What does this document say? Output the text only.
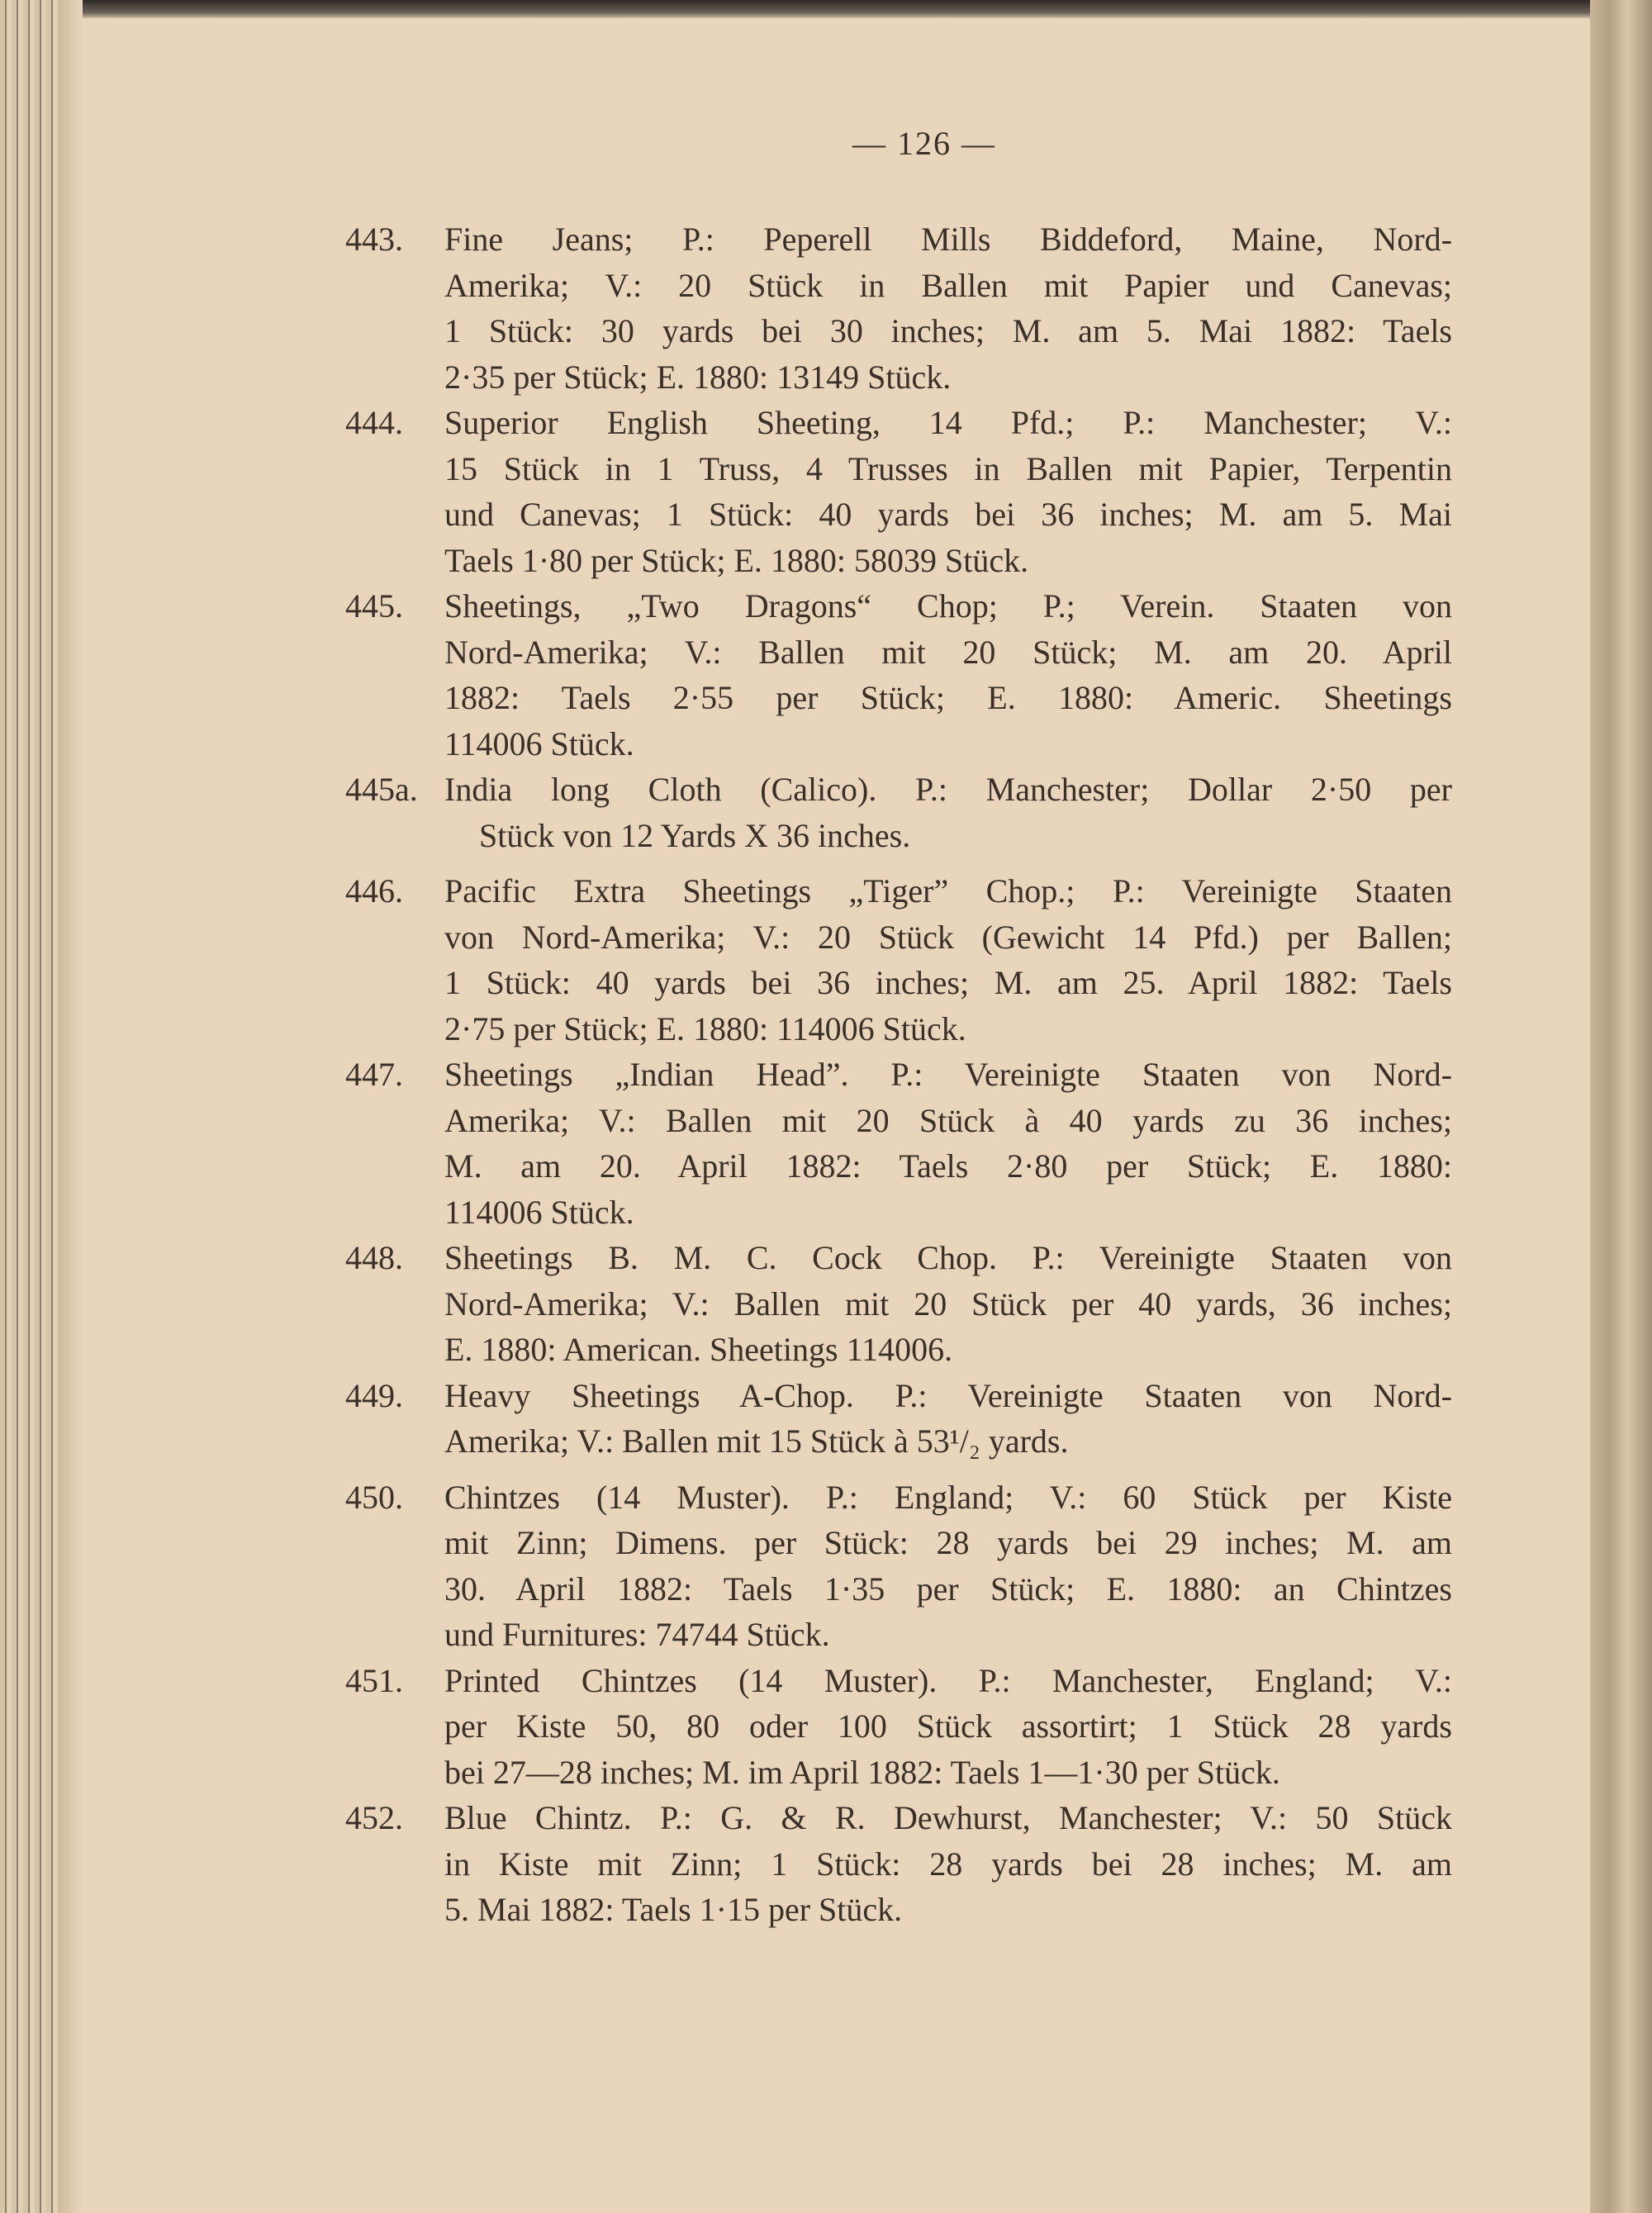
— 126 —
443. Fine Jeans; P.: Peperell Mills Biddeford, Maine, Nord-
Amerika; V.: 20 Stück in Ballen mit Papier und Canevas;
1 Stück: 30 yards bei 30 inches; M. am 5. Mai 1882: Taels
2·35 per Stück; E. 1880: 13149 Stück.
444. Superior English Sheeting, 14 Pfd.; P.: Manchester; V.:
15 Stück in 1 Truss, 4 Trusses in Ballen mit Papier, Terpentin
und Canevas; 1 Stück: 40 yards bei 36 inches; M. am 5. Mai
Taels 1·80 per Stück; E. 1880: 58039 Stück.
445. Sheetings, „Two Dragons“ Chop; P.; Verein. Staaten von
Nord-Amerika; V.: Ballen mit 20 Stück; M. am 20. April
1882: Taels 2·55 per Stück; E. 1880: Americ. Sheetings
114006 Stück.
445a. India long Cloth (Calico). P.: Manchester; Dollar 2·50 per
Stück von 12 Yards X 36 inches.
446. Pacific Extra Sheetings „Tiger” Chop.; P.: Vereinigte Staaten
von Nord-Amerika; V.: 20 Stück (Gewicht 14 Pfd.) per Ballen;
1 Stück: 40 yards bei 36 inches; M. am 25. April 1882: Taels
2·75 per Stück; E. 1880: 114006 Stück.
447. Sheetings „Indian Head”. P.: Vereinigte Staaten von Nord-
Amerika; V.: Ballen mit 20 Stück à 40 yards zu 36 inches;
M. am 20. April 1882: Taels 2·80 per Stück; E. 1880:
114006 Stück.
448. Sheetings B. M. C. Cock Chop. P.: Vereinigte Staaten von
Nord-Amerika; V.: Ballen mit 20 Stück per 40 yards, 36 inches;
E. 1880: American. Sheetings 114006.
449. Heavy Sheetings A-Chop. P.: Vereinigte Staaten von Nord-
Amerika; V.: Ballen mit 15 Stück à 53¹/₂ yards.
450. Chintzes (14 Muster). P.: England; V.: 60 Stück per Kiste
mit Zinn; Dimens. per Stück: 28 yards bei 29 inches; M. am
30. April 1882: Taels 1·35 per Stück; E. 1880: an Chintzes
und Furnitures: 74744 Stück.
451. Printed Chintzes (14 Muster). P.: Manchester, England; V.:
per Kiste 50, 80 oder 100 Stück assortirt; 1 Stück 28 yards
bei 27—28 inches; M. im April 1882: Taels 1—1·30 per Stück.
452. Blue Chintz. P.: G. & R. Dewhurst, Manchester; V.: 50 Stück
in Kiste mit Zinn; 1 Stück: 28 yards bei 28 inches; M. am
5. Mai 1882: Taels 1·15 per Stück.
